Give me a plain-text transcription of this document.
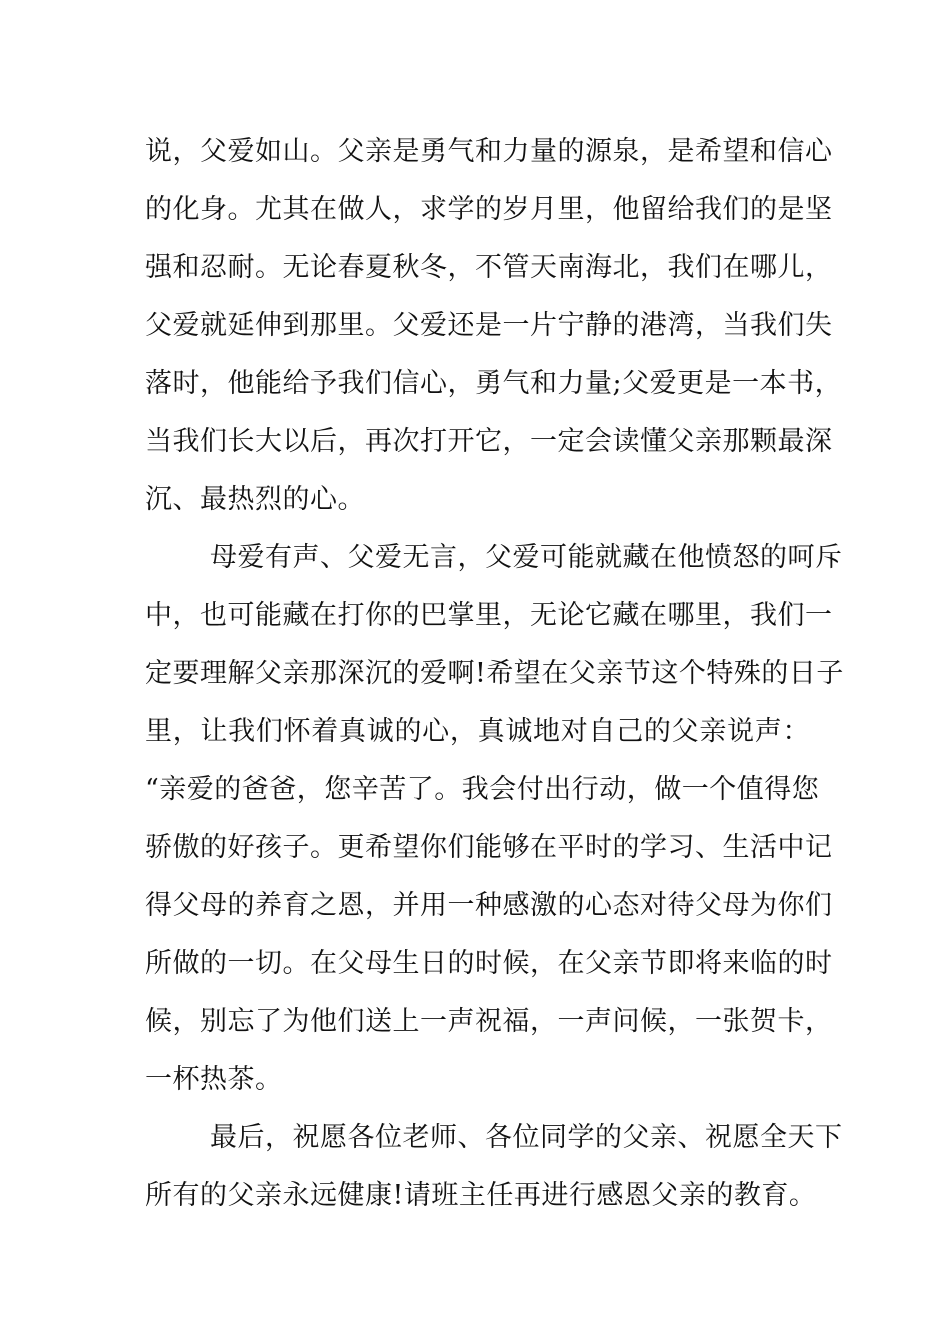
说，父爱如山。父亲是勇气和力量的源泉，是希望和信心

的化身。尤其在做人，求学的岁月里，他留给我们的是坚

强和忍耐。无论春夏秋冬，不管天南海北，我们在哪儿，

父爱就延伸到那里。父爱还是一片宁静的港湾，当我们失

落时，他能给予我们信心，勇气和力量;父爱更是一本书，

当我们长大以后，再次打开它，一定会读懂父亲那颗最深

沉、最热烈的心。

母爱有声、父爱无言，父爱可能就藏在他愤怒的呵斥

中，也可能藏在打你的巴掌里，无论它藏在哪里，我们一

定要理解父亲那深沉的爱啊!希望在父亲节这个特殊的日子

里，让我们怀着真诚的心，真诚地对自己的父亲说声：

“亲爱的爸爸，您辛苦了。我会付出行动，做一个值得您

骄傲的好孩子。更希望你们能够在平时的学习、生活中记

得父母的养育之恩，并用一种感激的心态对待父母为你们

所做的一切。在父母生日的时候，在父亲节即将来临的时

候，别忘了为他们送上一声祝福，一声问候，一张贺卡，

一杯热茶。

最后，祝愿各位老师、各位同学的父亲、祝愿全天下

所有的父亲永远健康!请班主任再进行感恩父亲的教育。
